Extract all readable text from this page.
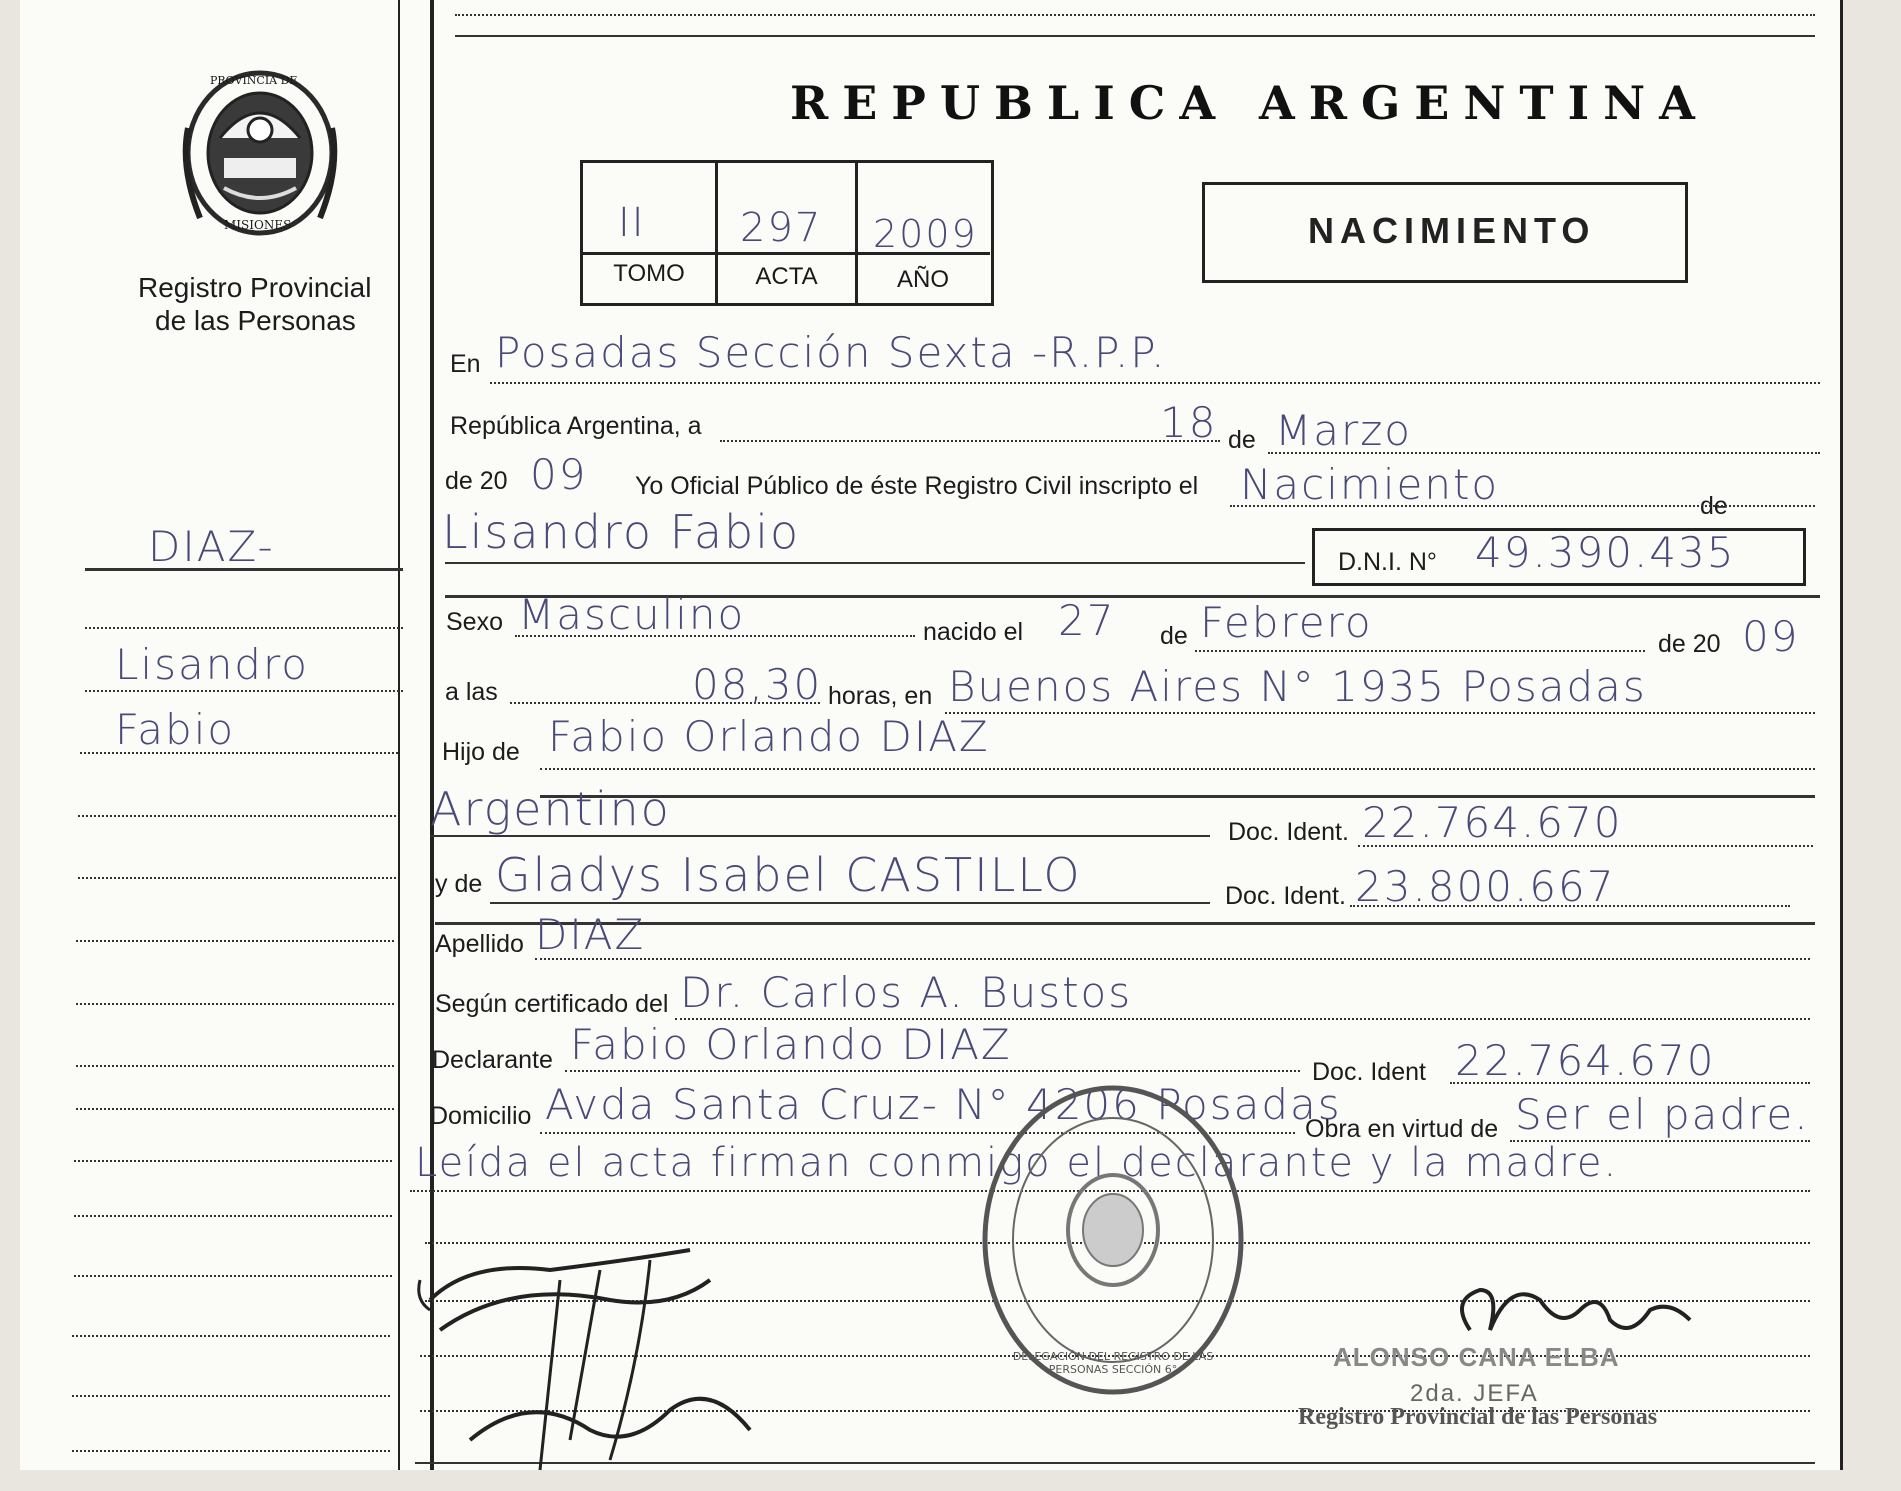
PROVINCIA DE
MISIONES
Registro Provincial
de las Personas
REPUBLICA ARGENTINA
II 297 2009
TOMO	ACTA	AÑO
NACIMIENTO
DIAZ-
Lisandro
Fabio
En Posadas Sección Sexta -R.P.P.
República Argentina, a	18 de Marzo
de 20 09 Yo Oficial Público de éste Registro Civil inscripto el Nacimiento	de
Lisandro Fabio
D.N.I. N° 49.390.435
Sexo Masculino	nacido el 27 de Febrero	de 20 09
a las	08,30 horas, en Buenos Aires N° 1935 Posadas
Hijo de Fabio Orlando DIAZ
Argentino	Doc. Ident. 22.764.670
y de Gladys Isabel CASTILLO	Doc. Ident. 23.800.667
Apellido DIAZ
Según certificado del Dr. Carlos A. Bustos
Declarante Fabio Orlando DIAZ
Doc. Ident 22.764.670
Domicilio Avda Santa Cruz- N° 4206 Posadas
Obra en virtud de Ser el padre.
Leída el acta firman conmigo el declarante y la madre.
DELEGACIÓN DEL REGISTRO DE LAS PERSONAS SECCIÓN 6°	ALONSO CANA ELBA
2da. JEFA
Registro Provincial de las Personas
